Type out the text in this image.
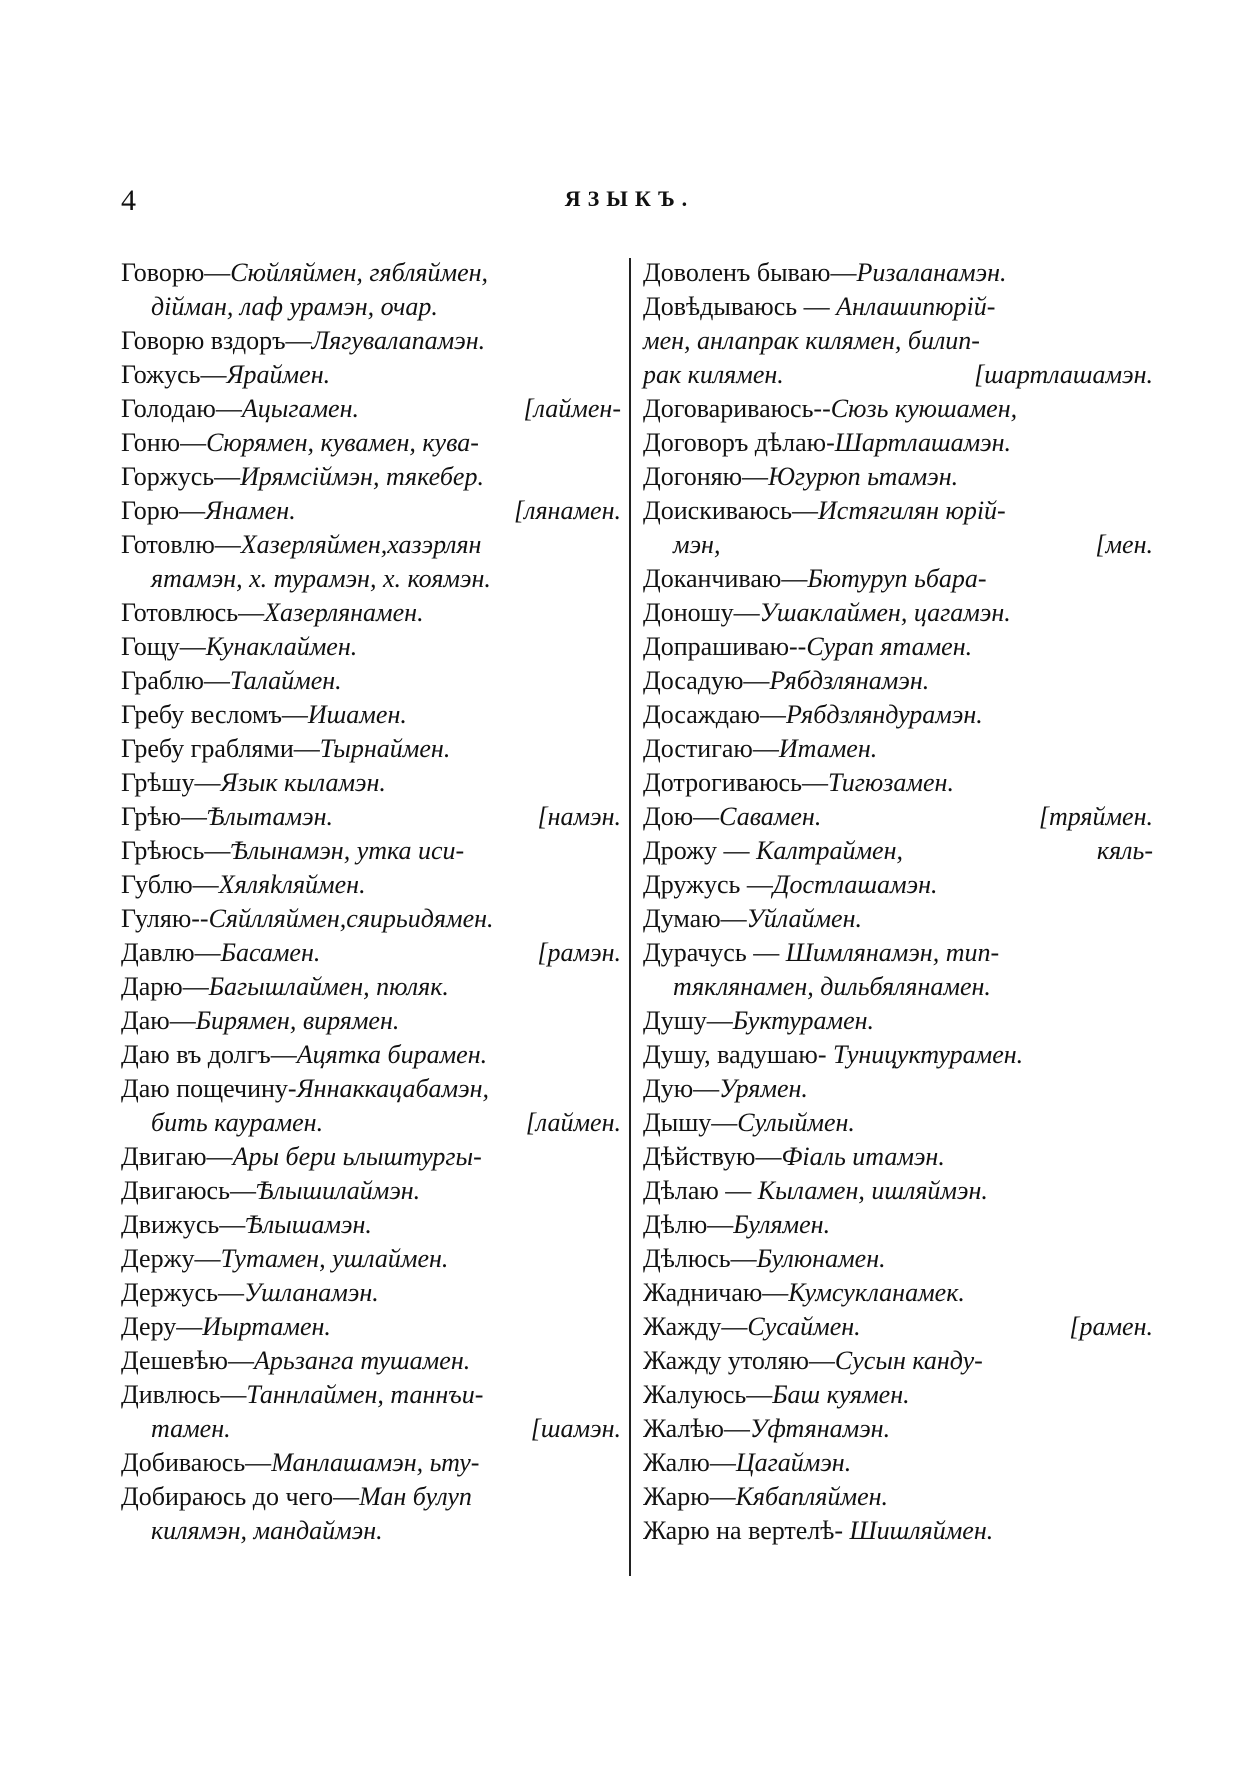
4	ЯЗЫКЪ.
Говорю—Сюйляймен, гябляймен,
дійман, лаф урамэн, очар.
Говорю вздоръ—Лягувалапамэн.
Гожусь—Ярaймен.
Голодаю—Ацыгамен.	[лаймен-
Гоню—Сюрямен, кувамен, кува-
Горжусь—Ирямсіймэн, тякебер.
Горю—Янамен.	[лянамен.
Готовлю—Хазерляймен,хазэрлян
ятамэн, х. турамэн, х. коямэн.
Готовлюсь—Хазерлянамен.
Гощу—Кунаклаймен.
Граблю—Талаймен.
Гребу весломъ—Ишамен.
Гребу граблями—Тырнаймен.
Грѣшу—Язык кыламэн.
Грѣю—Ѣлытамэн.	[намэн.
Грѣюсь—Ѣлынамэн, утка иси-
Гублю—Хяляkляймен.
Гуляю--Сяйлляймен,сяирьидямен.
Давлю—Басамен.	[рамэн.
Дарю—Багышлаймен, пюляк.
Даю—Бирямен, вирямен.
Даю въ долгъ—Ацятка бирамен.
Даю пощечину-Яннаккацабамэн,
бить каурамен.	[лаймен.
Двигаю—Ары бери ьлыштургы-
Двигаюсь—Ѣлышилаймэн.
Движусь—Ѣлышамэн.
Держу—Тутамен, ушлаймен.
Держусь—Ушланамэн.
Деру—Иыртамен.
Дешевѣю—Арьзанга тушамен.
Дивлюсь—Таннлаймен, таннъи-
тамен.	[шамэн.
Добиваюсь—Манлашамэн, ьту-
Добираюсь до чего—Ман булуп
килямэн, мандаймэн.
Доволенъ бываю—Ризаланамэн.
Довѣдываюсь — Анлашипюрій-
мен, анлапрак килямен, билип-
рак килямен.	[шартлашамэн.
Договариваюсь--Сюзь куюшамен,
Договоръ дѣлаю-Шартлашамэн.
Догоняю—Югурюп ьтамэн.
Доискиваюсь—Истягилян юрій-
мэн,	[мен.
Доканчиваю—Бютуруп ьбара-
Доношу—Ушаклаймен, цагамэн.
Допрашиваю--Сурап ятамен.
Досадую—Рябдзлянамэн.
Досаждаю—Рябдзляндурамэн.
Достигаю—Итамен.
Дотрогиваюсь—Тигюзамен.
Дою—Савамен.	[тряймен.
Дрожу — Калтраймен,	кяль-
Дружусь —Достлашамэн.
Думаю—Уйлаймен.
Дурачусь — Шимлянамэн, тип-
тяклянамен, дильбялянамен.
Душу—Буктурамен.
Душу, вадушаю- Туницуктурамен.
Дую—Урямен.
Дышу—Сулыймен.
Дѣйствую—Фіаль итамэн.
Дѣлаю — Кыламен, ишляймэн.
Дѣлю—Булямен.
Дѣлюсь—Булюнамен.
Жадничаю—Кумсукланамек.
Жажду—Сусаймен.	[рамен.
Жажду утоляю—Сусын канду-
Жалуюсь—Баш куямен.
Жалѣю—Уфтянамэн.
Жалю—Цагаймэн.
Жарю—Кябапляймен.
Жарю на вертелѣ- Шишляймен.
